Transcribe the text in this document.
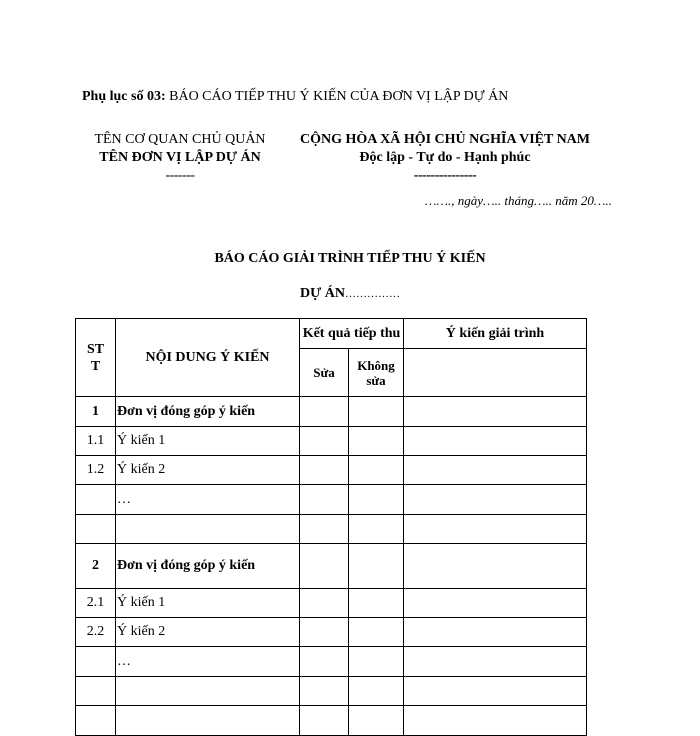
Phụ lục số 03: BÁO CÁO TIẾP THU Ý KIẾN CỦA ĐƠN VỊ LẬP DỰ ÁN
TÊN CƠ QUAN CHỦ QUẢN
TÊN ĐƠN VỊ LẬP DỰ ÁN
-------
CỘNG HÒA XÃ HỘI CHỦ NGHĨA VIỆT NAM
Độc lập - Tự do - Hạnh phúc
---------------
……., ngày….. tháng….. năm 20…..
BÁO CÁO GIẢI TRÌNH TIẾP THU Ý KIẾN
DỰ ÁN……………
STT	NỘI DUNG Ý KIẾN	Kết quả tiếp thu		Ý kiến giải trình
		Sửa	Không sửa	

1	Đơn vị đóng góp ý kiến			
1.1	Ý kiến 1			
1.2	Ý kiến 2			
	…			

2	Đơn vị đóng góp ý kiến			
2.1	Ý kiến 1			
2.2	Ý kiến 2			
	…			
